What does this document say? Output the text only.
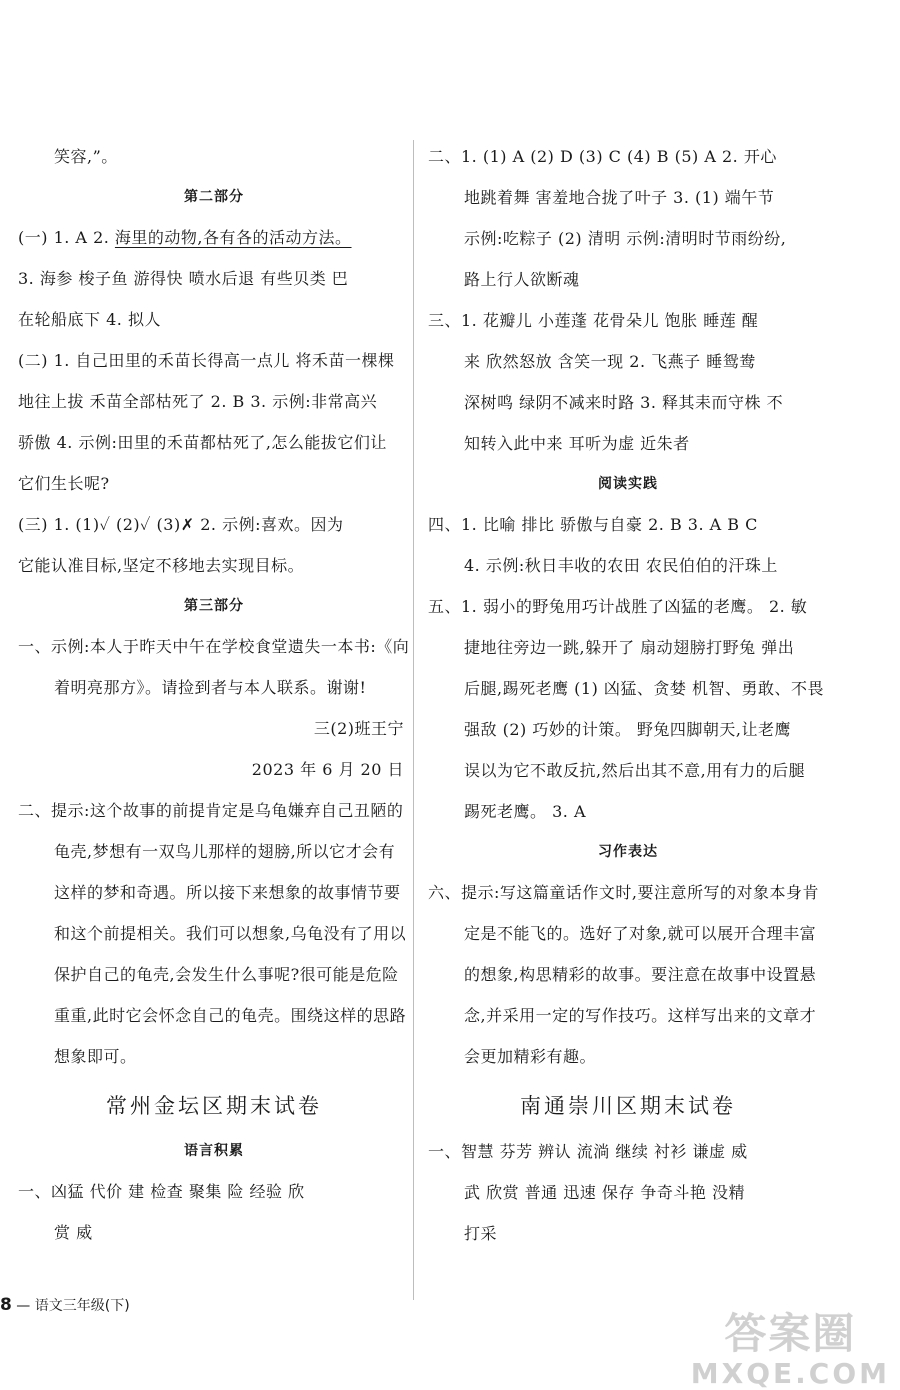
笑容,”。
第二部分
(一) 1. A 2. 海里的动物,各有各的活动方法。
3. 海参 梭子鱼 游得快 喷水后退 有些贝类 巴
在轮船底下 4. 拟人
(二) 1. 自己田里的禾苗长得高一点儿 将禾苗一棵棵
地往上拔 禾苗全部枯死了 2. B 3. 示例:非常高兴
骄傲 4. 示例:田里的禾苗都枯死了,怎么能拔它们让
它们生长呢?
(三) 1. (1)✓ (2)✓ (3)✗ 2. 示例:喜欢。因为
它能认准目标,坚定不移地去实现目标。
第三部分
一、示例:本人于昨天中午在学校食堂遗失一本书:《向
着明亮那方》。请捡到者与本人联系。谢谢!
三(2)班王宁
2023 年 6 月 20 日
二、提示:这个故事的前提肯定是乌龟嫌弃自己丑陋的
龟壳,梦想有一双鸟儿那样的翅膀,所以它才会有
这样的梦和奇遇。所以接下来想象的故事情节要
和这个前提相关。我们可以想象,乌龟没有了用以
保护自己的龟壳,会发生什么事呢?很可能是危险
重重,此时它会怀念自己的龟壳。围绕这样的思路
想象即可。
常州金坛区期末试卷
语言积累
一、凶猛 代价 建 检查 聚集 险 经验 欣
赏 威
二、1. (1) A (2) D (3) C (4) B (5) A 2. 开心
地跳着舞 害羞地合拢了叶子 3. (1) 端午节
示例:吃粽子 (2) 清明 示例:清明时节雨纷纷,
路上行人欲断魂
三、1. 花瓣儿 小莲蓬 花骨朵儿 饱胀 睡莲 醒
来 欣然怒放 含笑一现 2. 飞燕子 睡鸳鸯
深树鸣 绿阴不减来时路 3. 释其耒而守株 不
知转入此中来 耳听为虚 近朱者
阅读实践
四、1. 比喻 排比 骄傲与自豪 2. B 3. A B C
4. 示例:秋日丰收的农田 农民伯伯的汗珠上
五、1. 弱小的野兔用巧计战胜了凶猛的老鹰。 2. 敏
捷地往旁边一跳,躲开了 扇动翅膀打野兔 弹出
后腿,踢死老鹰 (1) 凶猛、贪婪 机智、勇敢、不畏
强敌 (2) 巧妙的计策。 野兔四脚朝天,让老鹰
误以为它不敢反抗,然后出其不意,用有力的后腿
踢死老鹰。 3. A
习作表达
六、提示:写这篇童话作文时,要注意所写的对象本身肯
定是不能飞的。选好了对象,就可以展开合理丰富
的想象,构思精彩的故事。要注意在故事中设置悬
念,并采用一定的写作技巧。这样写出来的文章才
会更加精彩有趣。
南通崇川区期末试卷
一、智慧 芬芳 辨认 流淌 继续 衬衫 谦虚 威
武 欣赏 普通 迅速 保存 争奇斗艳 没精
打采
8 — 语文三年级(下)
答案圈
MXQE.COM
